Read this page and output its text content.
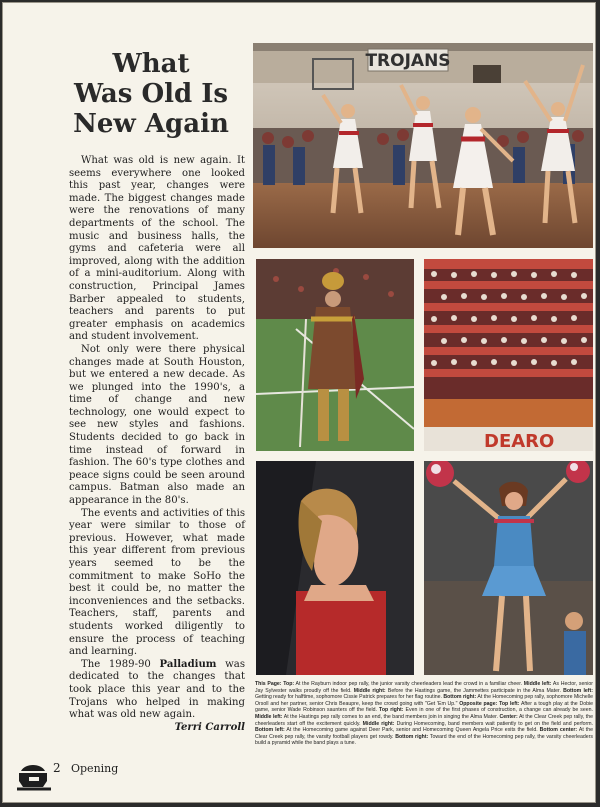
What
Was Old Is
New Again

What was old is new again. It seems everywhere one looked this past year, changes were made. The biggest changes made were the renovations of many departments of the school. The music and business halls, the gyms and cafeteria were all improved, along with the addition of a mini-auditorium. Along with construction, Principal James Barber appealed to students, teachers and parents to put greater emphasis on academics and student involvement.

Not only were there physical changes made at South Houston, but we entered a new decade. As we plunged into the 1990's, a time of change and new technology, one would expect to see new styles and fashions. Students decided to go back in time instead of forward in fashion. The 60's type clothes and peace signs could be seen around campus. Batman also made an appearance in the 80's.

The events and activities of this year were similar to those of previous. However, what made this year different from previous years seemed to be the commitment to make SoHo the best it could be, no matter the inconveniences and the setbacks. Teachers, staff, parents and students worked diligently to ensure the process of teaching and learning.

The 1989-90 Palladium was dedicated to the changes that took place this year and to the Trojans who helped in making what was old new again.

Terri Carroll

TROJANS
DEARO
This Page: Top: At the Rayburn indoor pep rally, the junior varsity cheerleaders lead the crowd in a familiar cheer. Middle left: As Hector, senior Jay Sylvester walks proudly off the field. Middle right: Before the Hastings game, the Jammettes participate in the Alma Mater. Bottom left: Getting ready for halftime, sophomore Cissie Patrick prepares for her flag routine. Bottom right: At the Homecoming pep rally, sophomore Michelle Orsoll and her partner, senior Chris Beaupre, keep the crowd going with "Get 'Em Up." Opposite page: Top left: After a tough play at the Dobie game, senior Wade Robinson saunters off the field. Top right: Even in one of the first phases of construction, a change can already be seen. Middle left: At the Hastings pep rally comes to an end, the band members join in singing the Alma Mater. Center: At the Clear Creek pep rally, the cheerleaders start off the excitement quickly. Middle right: During Homecoming, band members wait patiently to get on the field and perform. Bottom left: At the Homecoming game against Deer Park, senior and Homecoming Queen Angela Price exits the field. Bottom center: At the Clear Creek pep rally, the varsity football players get rowdy. Bottom right: Toward the end of the Homecoming pep rally, the varsity cheerleaders build a pyramid while the band plays a tune.
2 Opening
